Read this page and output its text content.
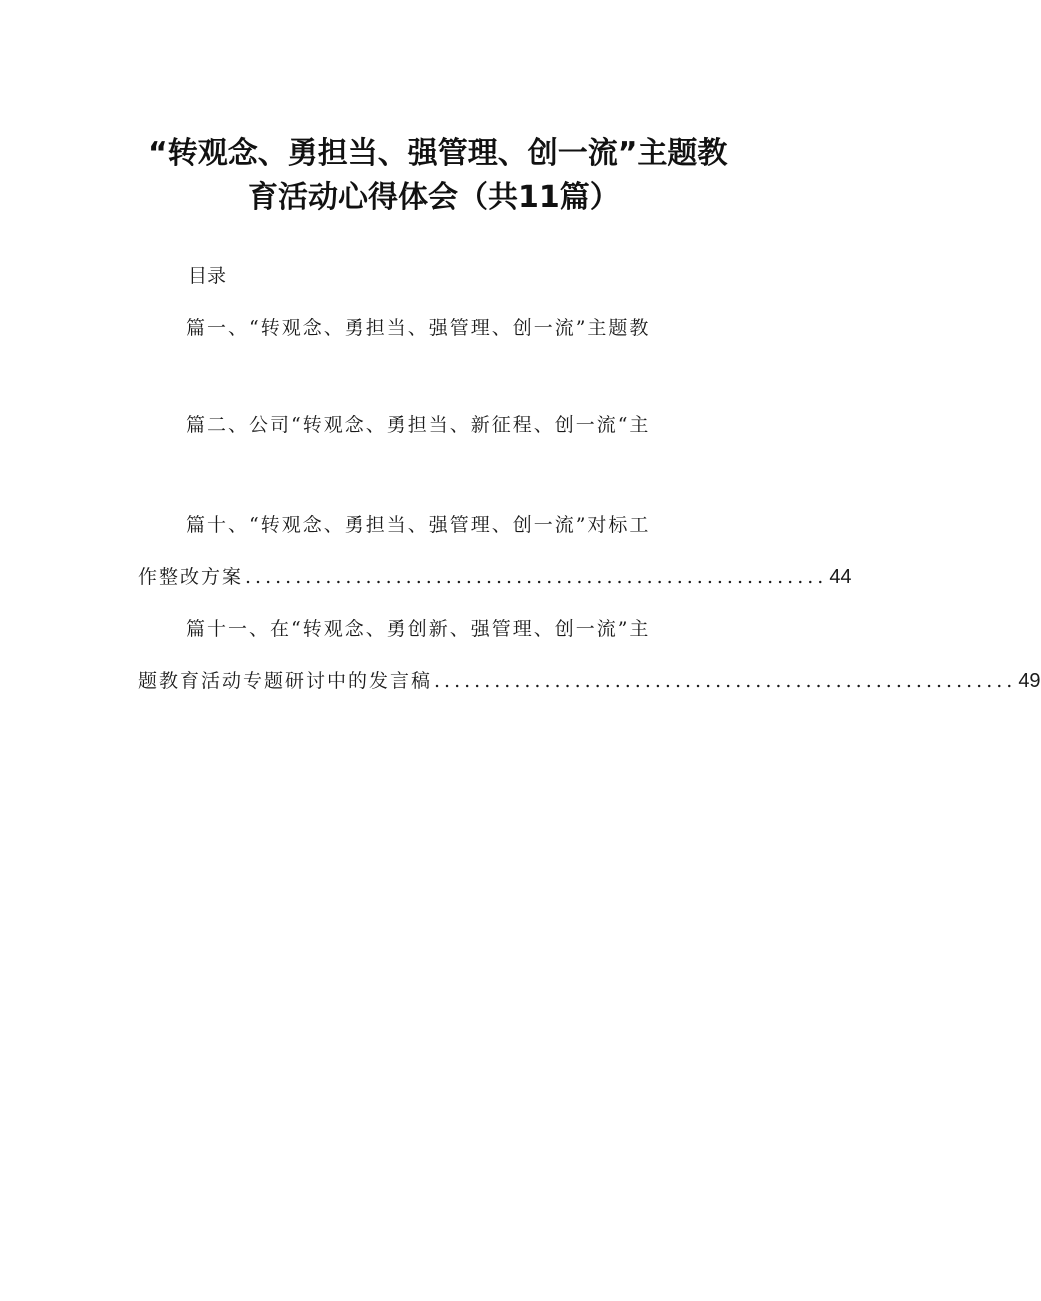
“转观念、勇担当、强管理、创一流”主题教
育活动心得体会（共11篇）
目录
篇一、“转观念、勇担当、强管理、创一流”主题教
篇二、公司“转观念、勇担当、新征程、创一流“主
篇十、“转观念、勇担当、强管理、创一流”对标工
作整改方案 .......................................................... 44
篇十一、在“转观念、勇创新、强管理、创一流”主
题教育活动专题研讨中的发言稿 .......................................................... 49
